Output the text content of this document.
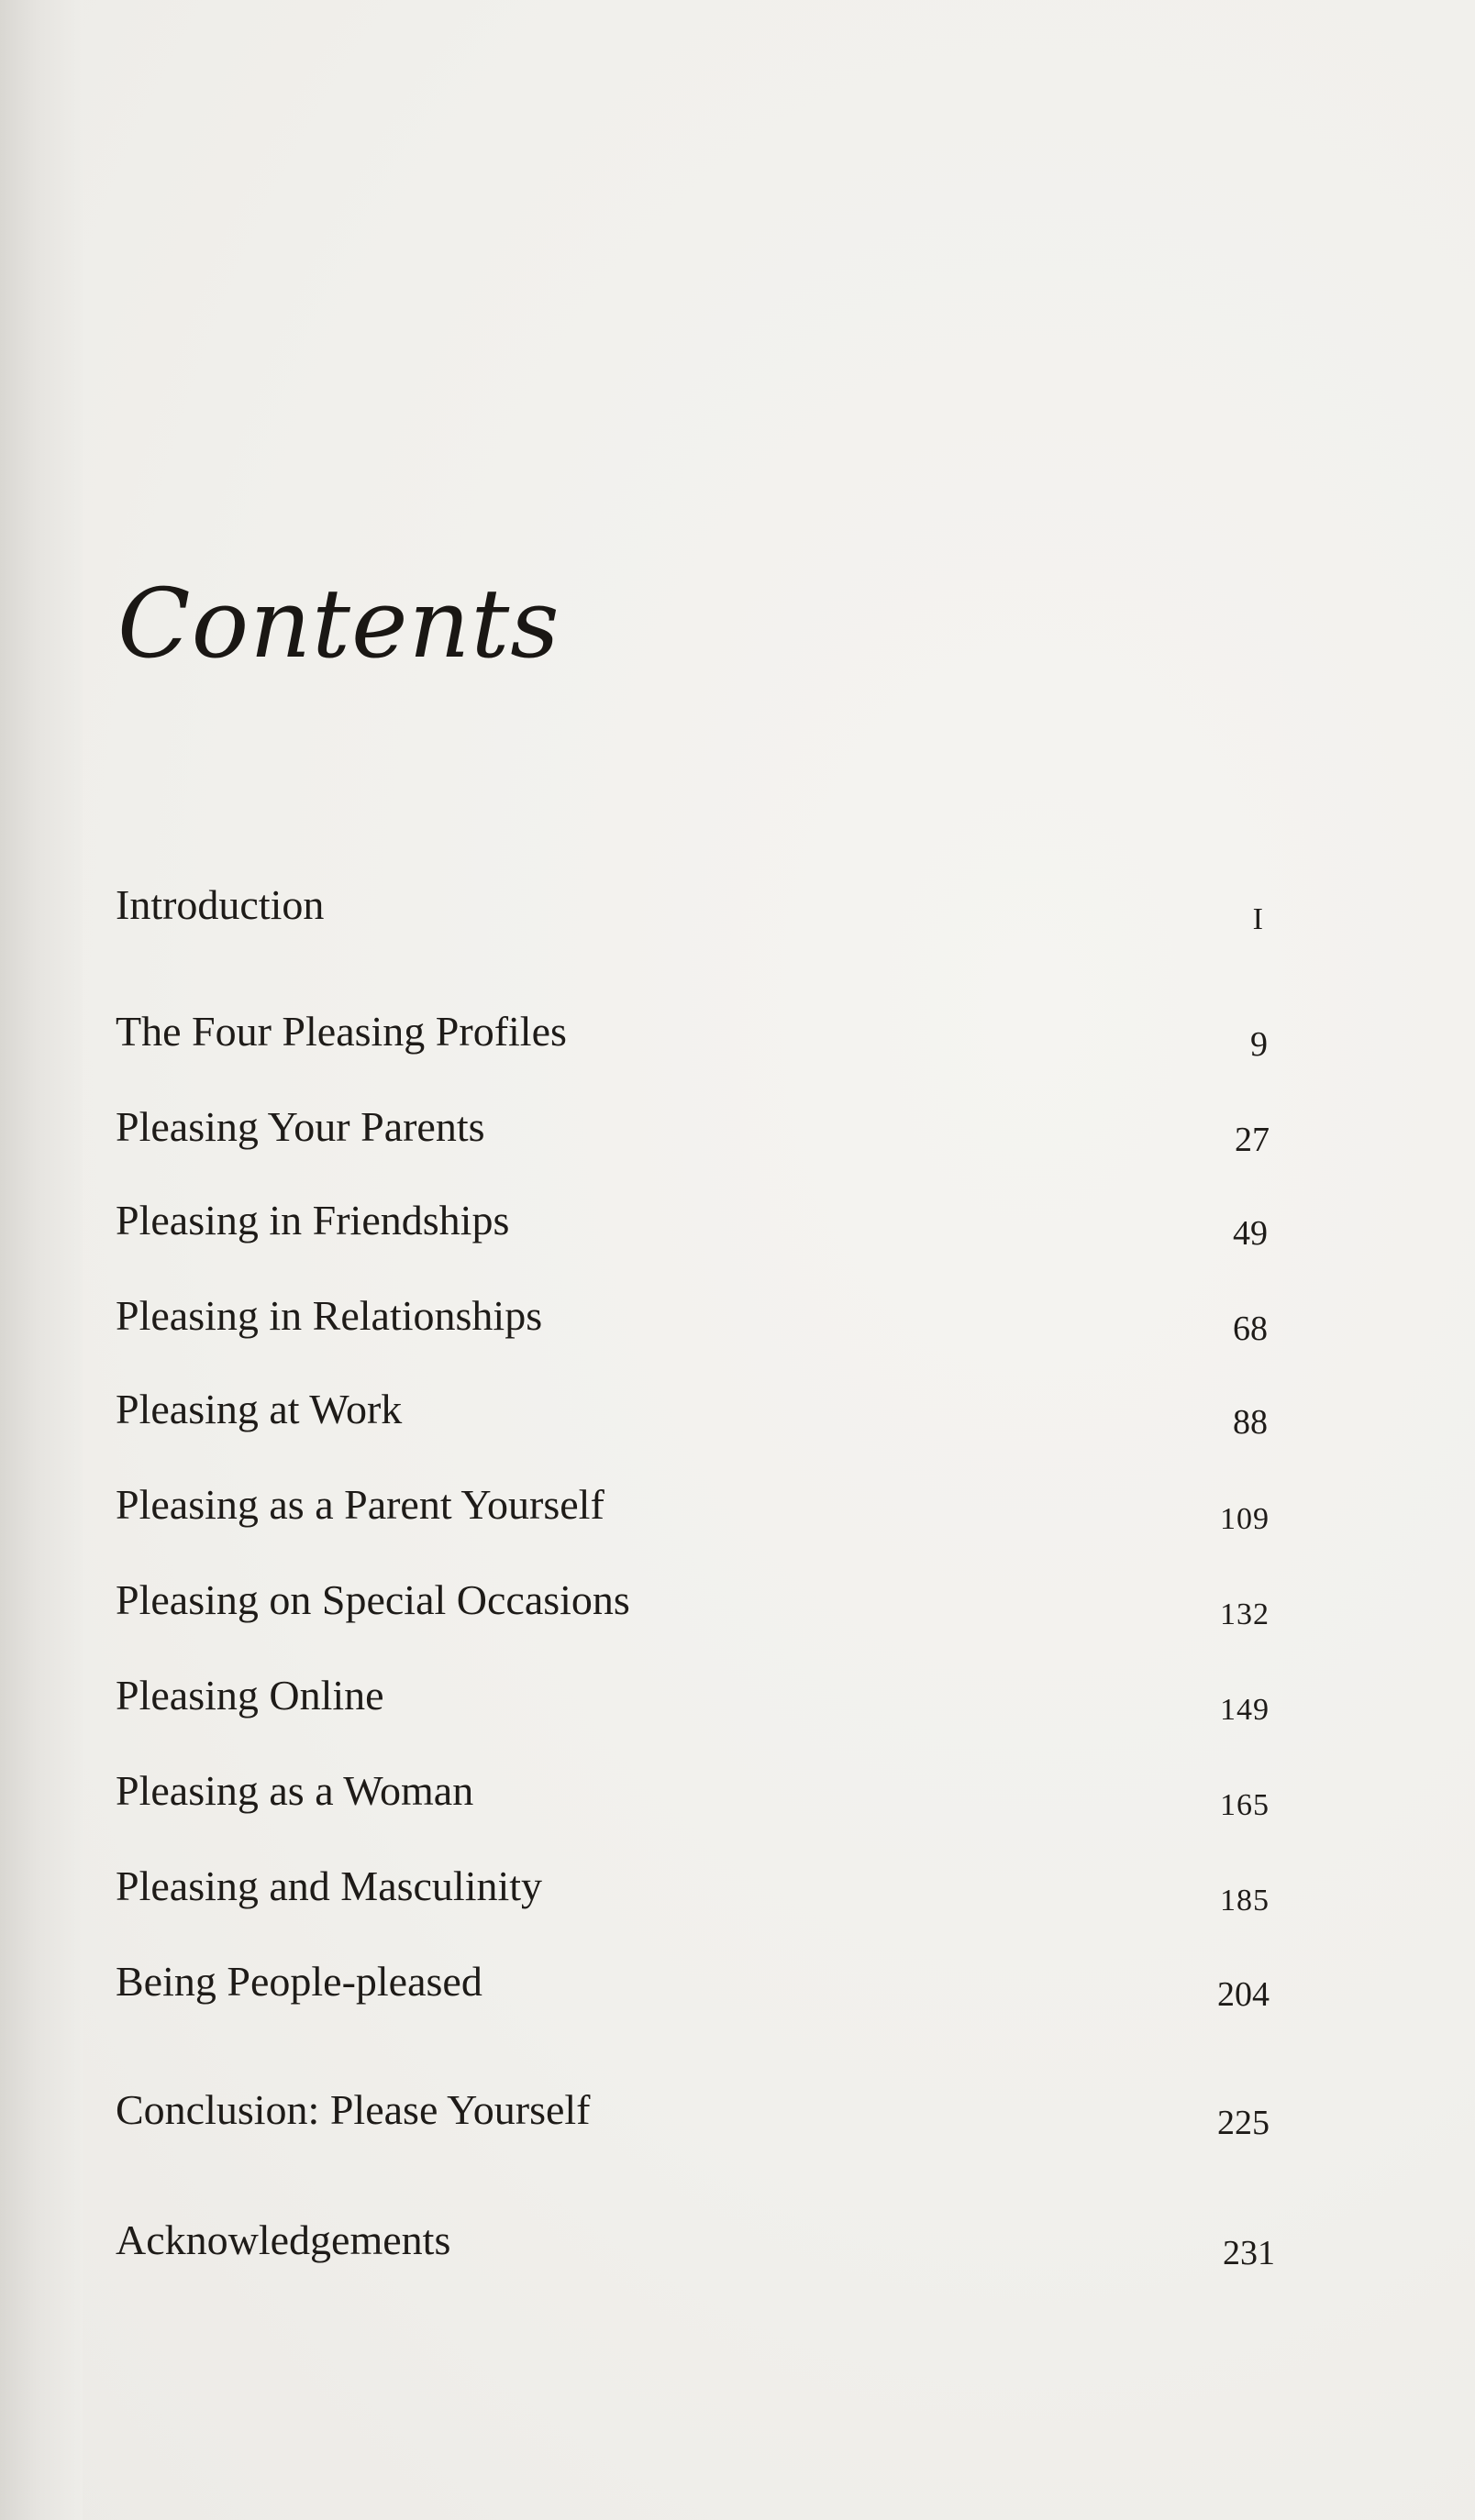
Contents
Introduction	I
The Four Pleasing Profiles	9
Pleasing Your Parents	27
Pleasing in Friendships	49
Pleasing in Relationships	68
Pleasing at Work	88
Pleasing as a Parent Yourself	109
Pleasing on Special Occasions	132
Pleasing Online	149
Pleasing as a Woman	165
Pleasing and Masculinity	185
Being People-pleased	204
Conclusion: Please Yourself	225
Acknowledgements	231
